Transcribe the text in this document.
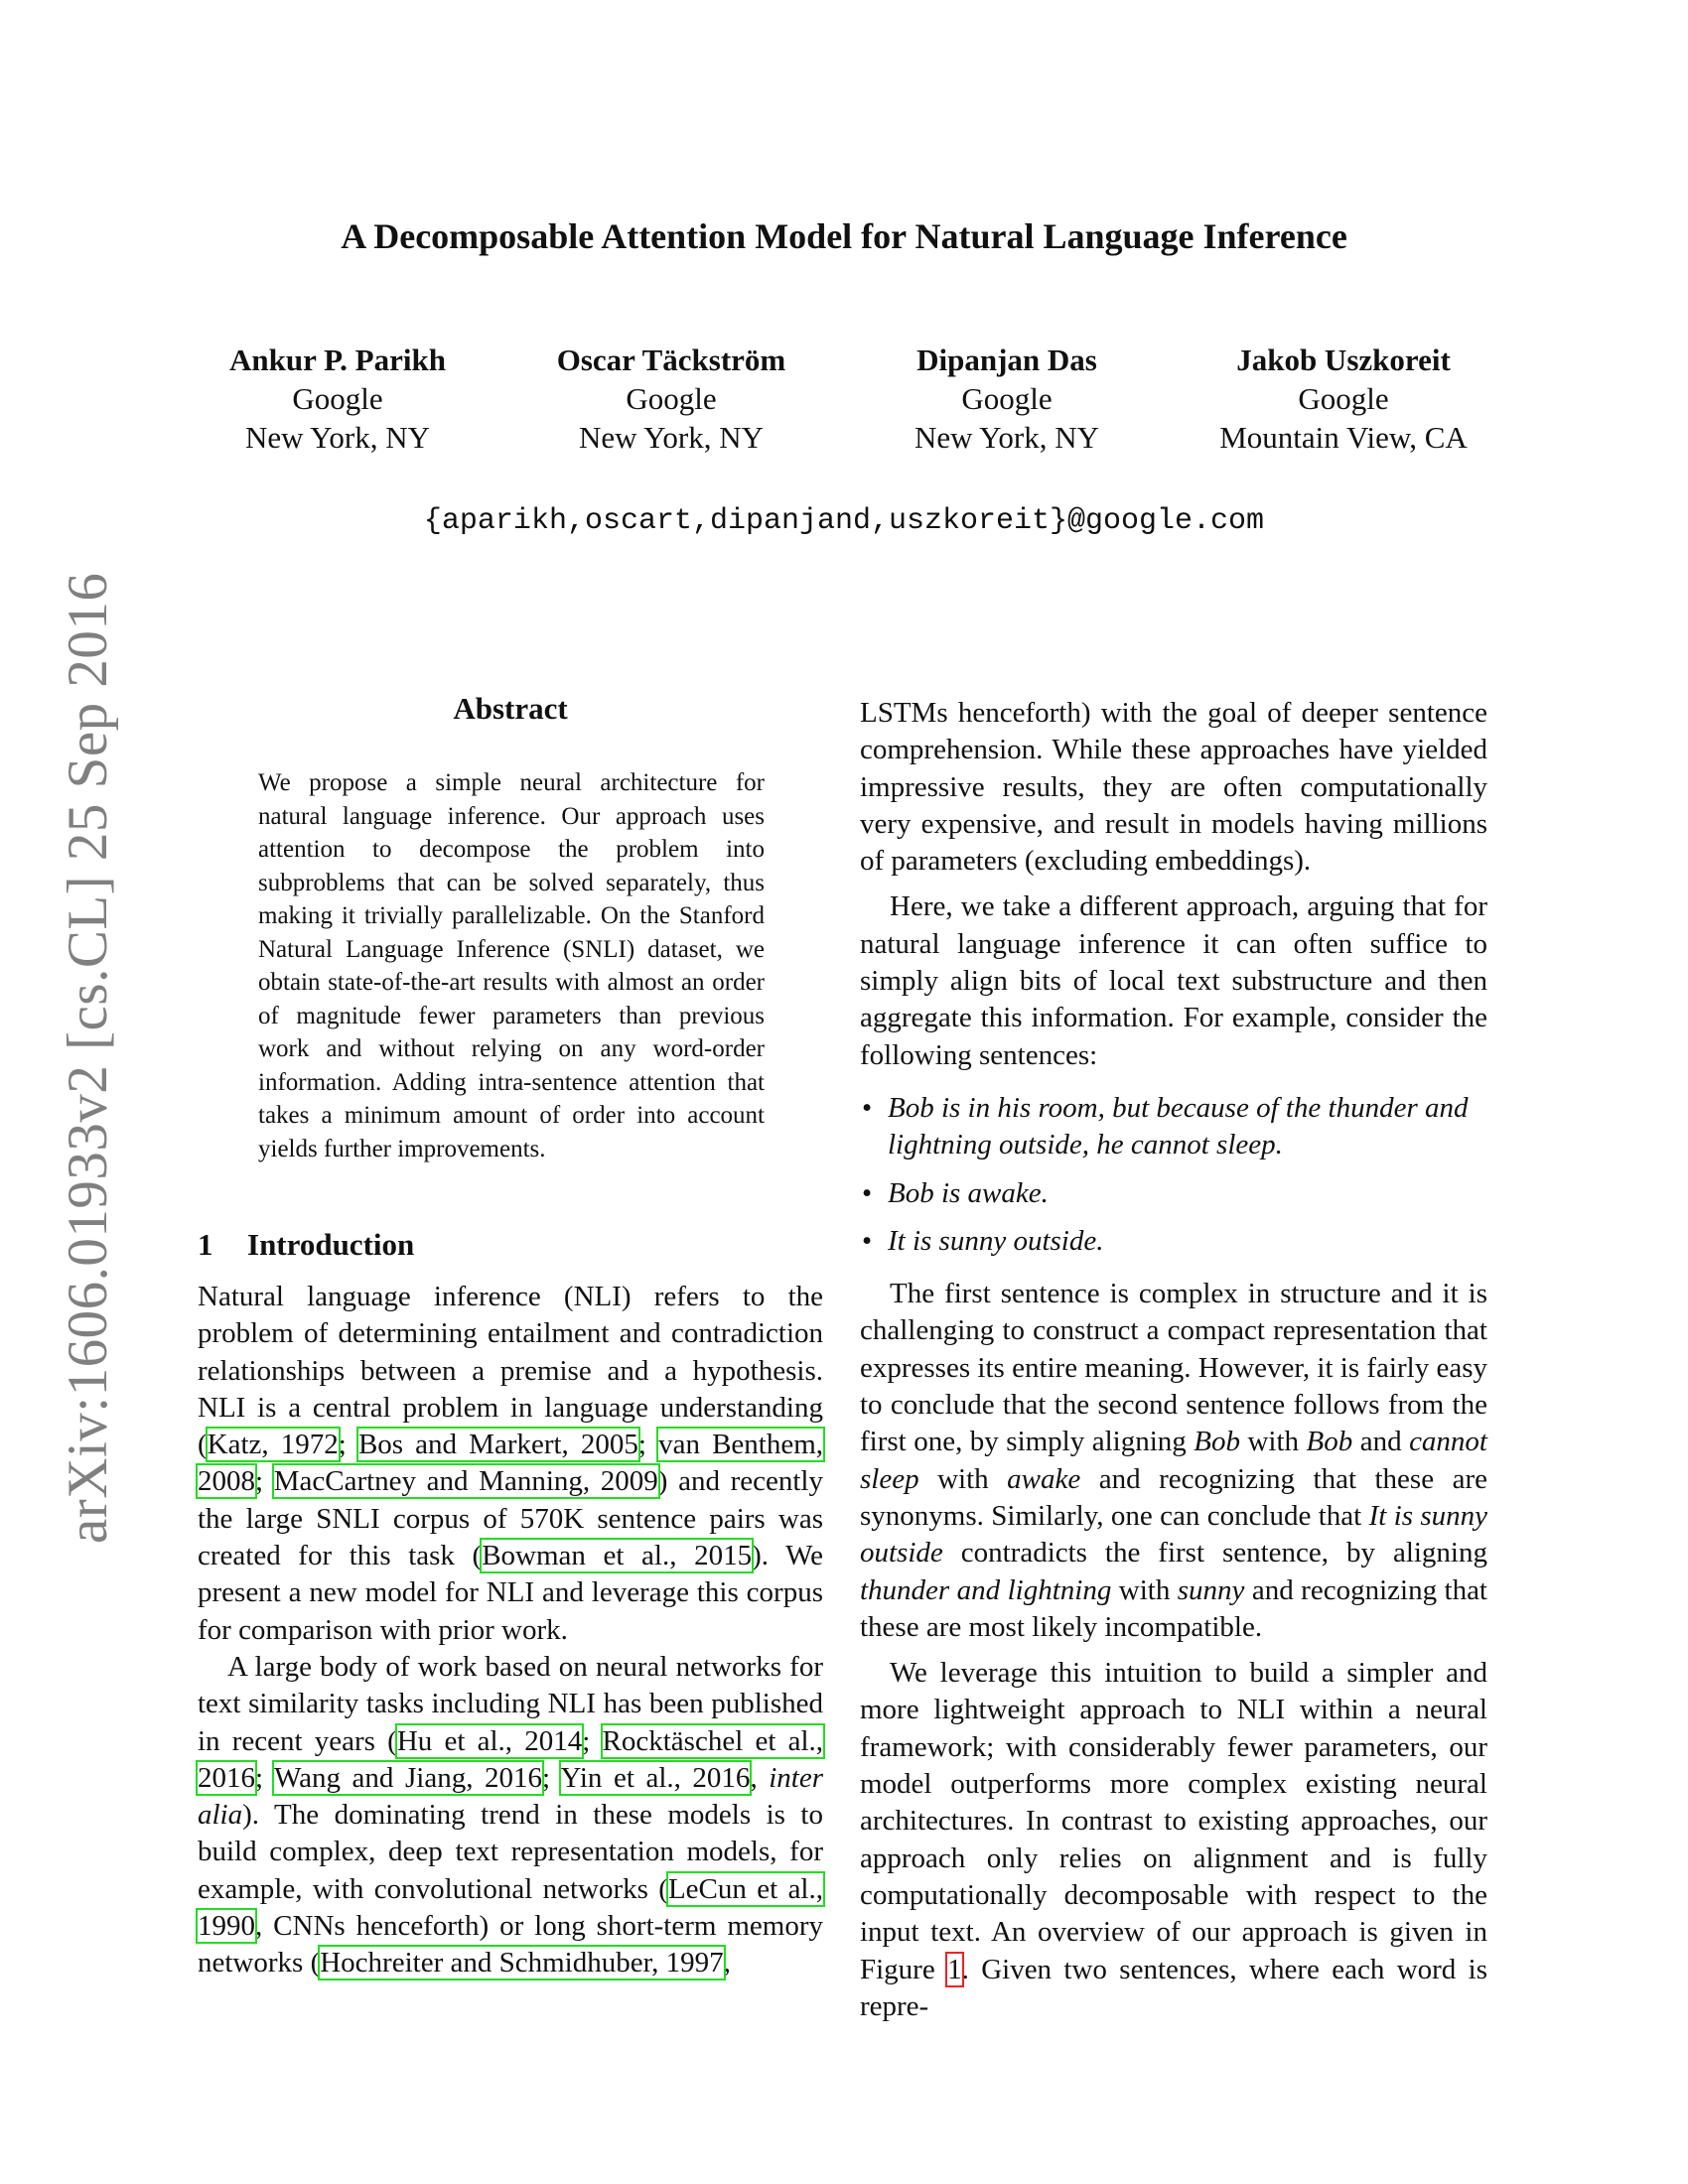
A Decomposable Attention Model for Natural Language Inference
Ankur P. Parikh
Google
New York, NY
Oscar Täckström
Google
New York, NY
Dipanjan Das
Google
New York, NY
Jakob Uszkoreit
Google
Mountain View, CA
{aparikh,oscart,dipanjand,uszkoreit}@google.com
arXiv:1606.01933v2 [cs.CL] 25 Sep 2016	Abstract
We propose a simple neural architecture for natural language inference. Our approach uses attention to decompose the problem into subproblems that can be solved separately, thus making it trivially parallelizable. On the Stanford Natural Language Inference (SNLI) dataset, we obtain state-of-the-art results with almost an order of magnitude fewer parameters than previous work and without relying on any word-order information. Adding intra-sentence attention that takes a minimum amount of order into account yields further improvements.
1 Introduction

Natural language inference (NLI) refers to the problem of determining entailment and contradiction relationships between a premise and a hypothesis. NLI is a central problem in language understanding (Katz, 1972; Bos and Markert, 2005; van Benthem, 2008; MacCartney and Manning, 2009) and recently the large SNLI corpus of 570K sentence pairs was created for this task (Bowman et al., 2015). We present a new model for NLI and leverage this corpus for comparison with prior work.

A large body of work based on neural networks for text similarity tasks including NLI has been published in recent years (Hu et al., 2014; Rocktäschel et al., 2016; Wang and Jiang, 2016; Yin et al., 2016, inter alia). The dominating trend in these models is to build complex, deep text representation models, for example, with convolutional networks (LeCun et al., 1990, CNNs henceforth) or long short-term memory networks (Hochreiter and Schmidhuber, 1997,

LSTMs henceforth) with the goal of deeper sentence comprehension. While these approaches have yielded impressive results, they are often computationally very expensive, and result in models having millions of parameters (excluding embeddings).

Here, we take a different approach, arguing that for natural language inference it can often suffice to simply align bits of local text substructure and then aggregate this information. For example, consider the following sentences:

• Bob is in his room, but because of the thunder and lightning outside, he cannot sleep.
• Bob is awake.
• It is sunny outside.

The first sentence is complex in structure and it is challenging to construct a compact representation that expresses its entire meaning. However, it is fairly easy to conclude that the second sentence follows from the first one, by simply aligning Bob with Bob and cannot sleep with awake and recognizing that these are synonyms. Similarly, one can conclude that It is sunny outside contradicts the first sentence, by aligning thunder and lightning with sunny and recognizing that these are most likely incompatible.

We leverage this intuition to build a simpler and more lightweight approach to NLI within a neural framework; with considerably fewer parameters, our model outperforms more complex existing neural architectures. In contrast to existing approaches, our approach only relies on alignment and is fully computationally decomposable with respect to the input text. An overview of our approach is given in Figure 1. Given two sentences, where each word is repre-
